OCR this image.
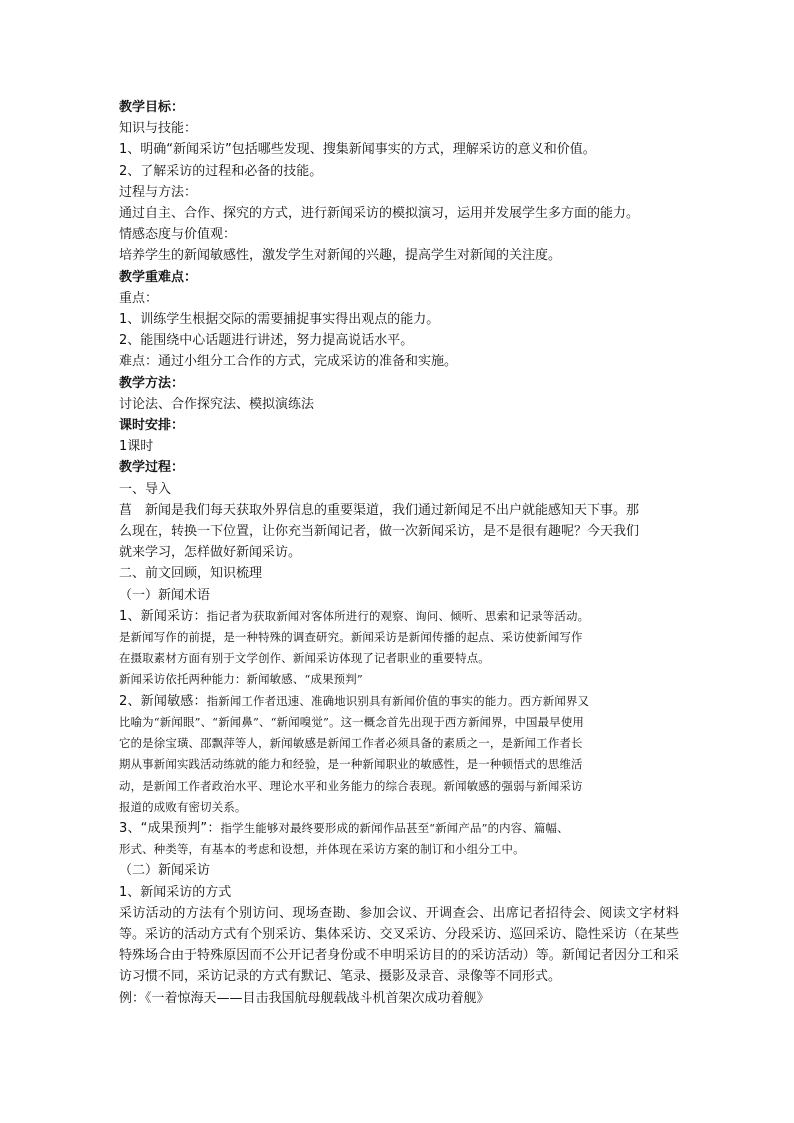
教学目标：
知识与技能：
1、明确“新闻采访”包括哪些发现、搜集新闻事实的方式，理解采访的意义和价值。
2、了解采访的过程和必备的技能。
过程与方法：
通过自主、合作、探究的方式，进行新闻采访的模拟演习，运用并发展学生多方面的能力。
情感态度与价值观：
培养学生的新闻敏感性，激发学生对新闻的兴趣，提高学生对新闻的关注度。
教学重难点：
重点：
1、训练学生根据交际的需要捕捉事实得出观点的能力。
2、能围绕中心话题进行讲述，努力提高说话水平。
难点：通过小组分工合作的方式，完成采访的准备和实施。
教学方法：
讨论法、合作探究法、模拟演练法
课时安排：
1课时
教学过程：
一、导入
菖　新闻是我们每天获取外界信息的重要渠道，我们通过新闻足不出户就能感知天下事。那
么现在，转换一下位置，让你充当新闻记者，做一次新闻采访，是不是很有趣呢？今天我们
就来学习，怎样做好新闻采访。
二、前文回顾，知识梳理
（一）新闻术语
1、新闻采访：指记者为获取新闻对客体所进行的观察、询问、倾听、思索和记录等活动。
是新闻写作的前提，是一种特殊的调查研究。新闻采访是新闻传播的起点、采访使新闻写作
在摄取素材方面有别于文学创作、新闻采访体现了记者职业的重要特点。
新闻采访依托两种能力：新闻敏感、“成果预判”
2、新闻敏感：指新闻工作者迅速、准确地识别具有新闻价值的事实的能力。西方新闻界又
比喻为“新闻眼”、“新闻鼻”、“新闻嗅觉”。这一概念首先出现于西方新闻界，中国最早使用
它的是徐宝璜、邵飘萍等人，新闻敏感是新闻工作者必须具备的素质之一，是新闻工作者长
期从事新闻实践活动练就的能力和经验，是一种新闻职业的敏感性，是一种顿悟式的思维活
动，是新闻工作者政治水平、理论水平和业务能力的综合表现。新闻敏感的强弱与新闻采访
报道的成败有密切关系。
3、“成果预判”：指学生能够对最终要形成的新闻作品甚至“新闻产品”的内容、篇幅、
形式、种类等，有基本的考虑和设想，并体现在采访方案的制订和小组分工中。
（二）新闻采访
1、新闻采访的方式
采访活动的方法有个别访问、现场查勘、参加会议、开调查会、出席记者招待会、阅读文字材料等。采访的活动方式有个别采访、集体采访、交叉采访、分段采访、巡回采访、隐性采访（在某些特殊场合由于特殊原因而不公开记者身份或不申明采访目的的采访活动）等。新闻记者因分工和采访习惯不同，采访记录的方式有默记、笔录、摄影及录音、录像等不同形式。
例：《一着惊海天——目击我国航母舰载战斗机首架次成功着舰》
